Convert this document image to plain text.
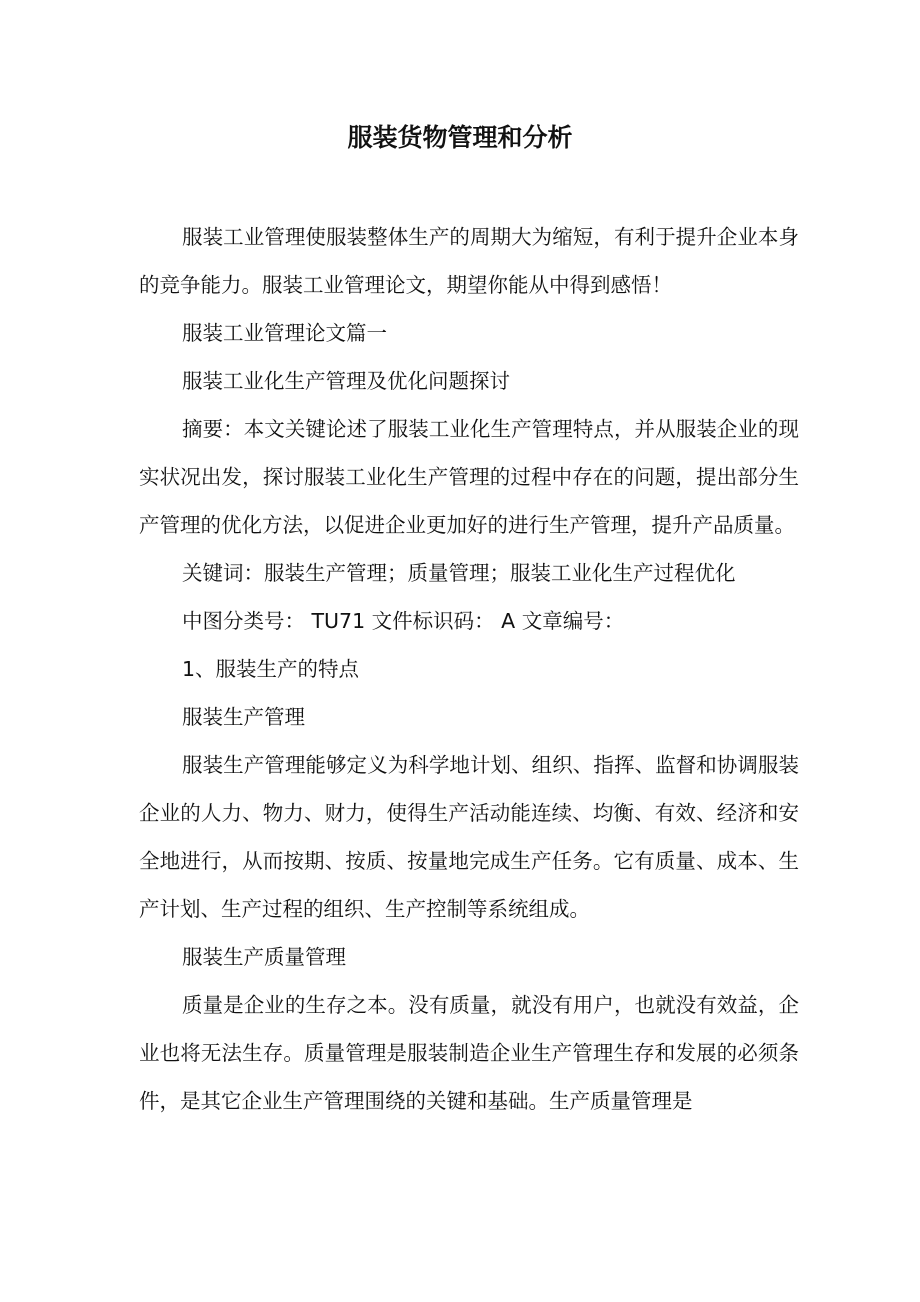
服装货物管理和分析

服装工业管理使服装整体生产的周期大为缩短，有利于提升企业本身的竞争能力。服装工业管理论文，期望你能从中得到感悟！

服装工业管理论文篇一

服装工业化生产管理及优化问题探讨

摘要：本文关键论述了服装工业化生产管理特点，并从服装企业的现实状况出发，探讨服装工业化生产管理的过程中存在的问题，提出部分生产管理的优化方法，以促进企业更加好的进行生产管理，提升产品质量。

关键词：服装生产管理；质量管理；服装工业化生产过程优化

中图分类号： TU71 文件标识码： A 文章编号：

1、服装生产的特点

服装生产管理

服装生产管理能够定义为科学地计划、组织、指挥、监督和协调服装企业的人力、物力、财力，使得生产活动能连续、均衡、有效、经济和安全地进行，从而按期、按质、按量地完成生产任务。它有质量、成本、生产计划、生产过程的组织、生产控制等系统组成。

服装生产质量管理

质量是企业的生存之本。没有质量，就没有用户，也就没有效益，企业也将无法生存。质量管理是服装制造企业生产管理生存和发展的必须条件，是其它企业生产管理围绕的关键和基础。生产质量管理是
